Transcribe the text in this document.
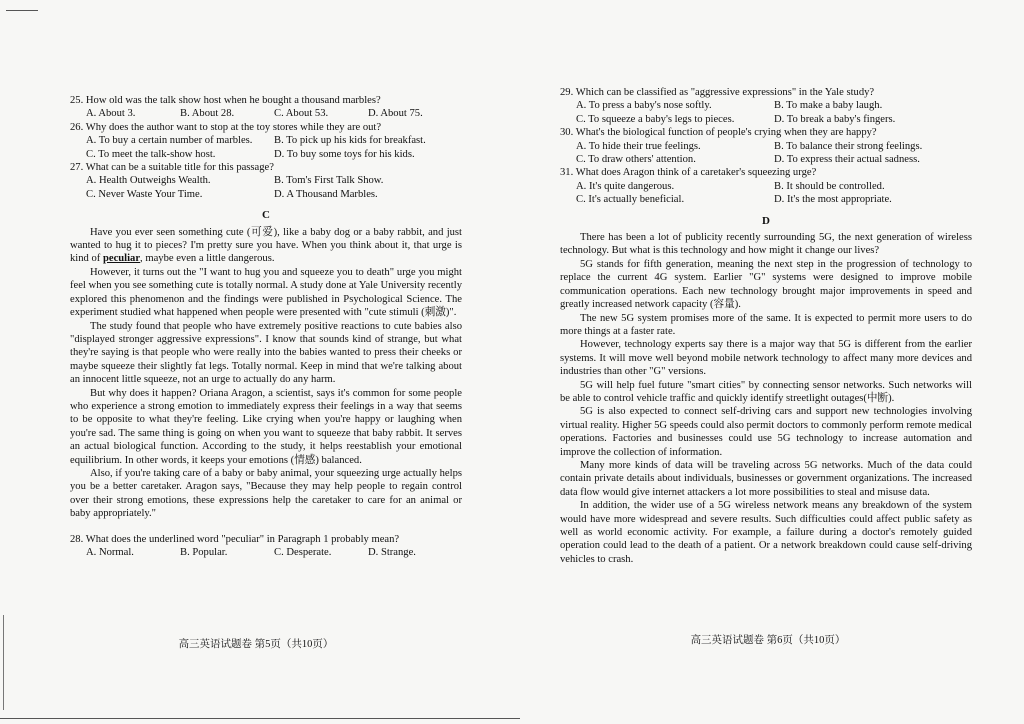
25. How old was the talk show host when he bought a thousand marbles?

A. About 3.	B. About 28.	C. About 53.	D. About 75.

26. Why does the author want to stop at the toy stores while they are out?

A. To buy a certain number of marbles.	B. To pick up his kids for breakfast.
C. To meet the talk-show host.	D. To buy some toys for his kids.

27. What can be a suitable title for this passage?

A. Health Outweighs Wealth.	B. Tom's First Talk Show.
C. Never Waste Your Time.	D. A Thousand Marbles.
C

Have you ever seen something cute (可爱), like a baby dog or a baby rabbit, and just wanted to hug it to pieces? I'm pretty sure you have. When you think about it, that urge is kind of peculiar, maybe even a little dangerous.

However, it turns out the "I want to hug you and squeeze you to death" urge you might feel when you see something cute is totally normal. A study done at Yale University recently explored this phenomenon and the findings were published in Psychological Science. The experiment studied what happened when people were presented with "cute stimuli (刺激)".

The study found that people who have extremely positive reactions to cute babies also "displayed stronger aggressive expressions". I know that sounds kind of strange, but what they're saying is that people who were really into the babies wanted to press their cheeks or maybe squeeze their slightly fat legs. Totally normal. Keep in mind that we're talking about an innocent little squeeze, not an urge to actually do any harm.

But why does it happen? Oriana Aragon, a scientist, says it's common for some people who experience a strong emotion to immediately express their feelings in a way that seems to be opposite to what they're feeling. Like crying when you're happy or laughing when you're sad. The same thing is going on when you want to squeeze that baby rabbit. It serves an actual biological function. According to the study, it helps reestablish your emotional equilibrium. In other words, it keeps your emotions (情感) balanced.

Also, if you're taking care of a baby or baby animal, your squeezing urge actually helps you be a better caretaker. Aragon says, "Because they may help people to regain control over their strong emotions, these expressions help the caretaker to care for an animal or baby appropriately."

28. What does the underlined word "peculiar" in Paragraph 1 probably mean?

A. Normal.	B. Popular.	C. Desperate.	D. Strange.
高三英语试题卷 第5页（共10页）

29. Which can be classified as "aggressive expressions" in the Yale study?

A. To press a baby's nose softly.	B. To make a baby laugh.
C. To squeeze a baby's legs to pieces.	D. To break a baby's fingers.

30. What's the biological function of people's crying when they are happy?

A. To hide their true feelings.	B. To balance their strong feelings.
C. To draw others' attention.	D. To express their actual sadness.

31. What does Aragon think of a caretaker's squeezing urge?

A. It's quite dangerous.	B. It should be controlled.
C. It's actually beneficial.	D. It's the most appropriate.
D

There has been a lot of publicity recently surrounding 5G, the next generation of wireless technology. But what is this technology and how might it change our lives?

5G stands for fifth generation, meaning the next step in the progression of technology to replace the current 4G system. Earlier "G" systems were designed to improve mobile communication operations. Each new technology brought major improvements in speed and greatly increased network capacity (容量).

The new 5G system promises more of the same. It is expected to permit more users to do more things at a faster rate.

However, technology experts say there is a major way that 5G is different from the earlier systems. It will move well beyond mobile network technology to affect many more devices and industries than other "G" versions.

5G will help fuel future "smart cities" by connecting sensor networks. Such networks will be able to control vehicle traffic and quickly identify streetlight outages(中断).

5G is also expected to connect self-driving cars and support new technologies involving virtual reality. Higher 5G speeds could also permit doctors to commonly perform remote medical operations. Factories and businesses could use 5G technology to increase automation and improve the collection of information.

Many more kinds of data will be traveling across 5G networks. Much of the data could contain private details about individuals, businesses or government organizations. The increased data flow would give internet attackers a lot more possibilities to steal and misuse data.

In addition, the wider use of a 5G wireless network means any breakdown of the system would have more widespread and severe results. Such difficulties could affect public safety as well as world economic activity. For example, a failure during a doctor's remotely guided operation could lead to the death of a patient. Or a network breakdown could cause self-driving vehicles to crash.

高三英语试题卷 第6页（共10页）
